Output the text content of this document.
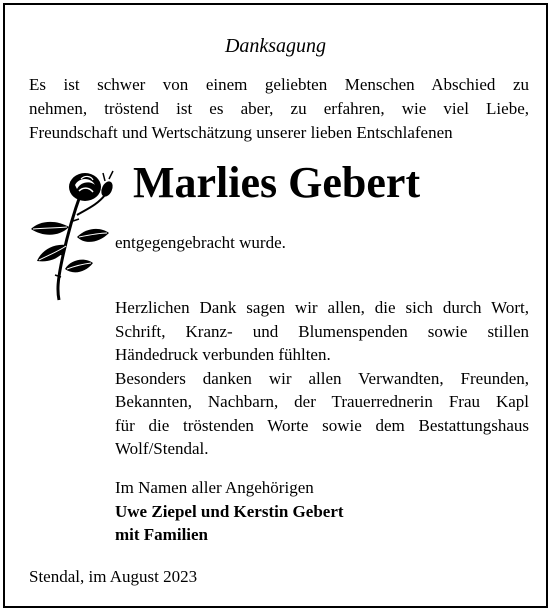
Danksagung
Es ist schwer von einem geliebten Menschen Abschied zu
nehmen, tröstend ist es aber, zu erfahren, wie viel Liebe,
Freundschaft und Wertschätzung unserer lieben Entschlafenen
Marlies Gebert
entgegengebracht wurde.
Herzlichen Dank sagen wir allen, die sich durch Wort,
Schrift, Kranz- und Blumenspenden sowie stillen
Händedruck verbunden fühlten.
Besonders danken wir allen Verwandten, Freunden,
Bekannten, Nachbarn, der Trauerrednerin Frau Kapl
für die tröstenden Worte sowie dem Bestattungshaus
Wolf/Stendal.
Im Namen aller Angehörigen
Uwe Ziepel und Kerstin Gebert
mit Familien
Stendal, im August 2023
